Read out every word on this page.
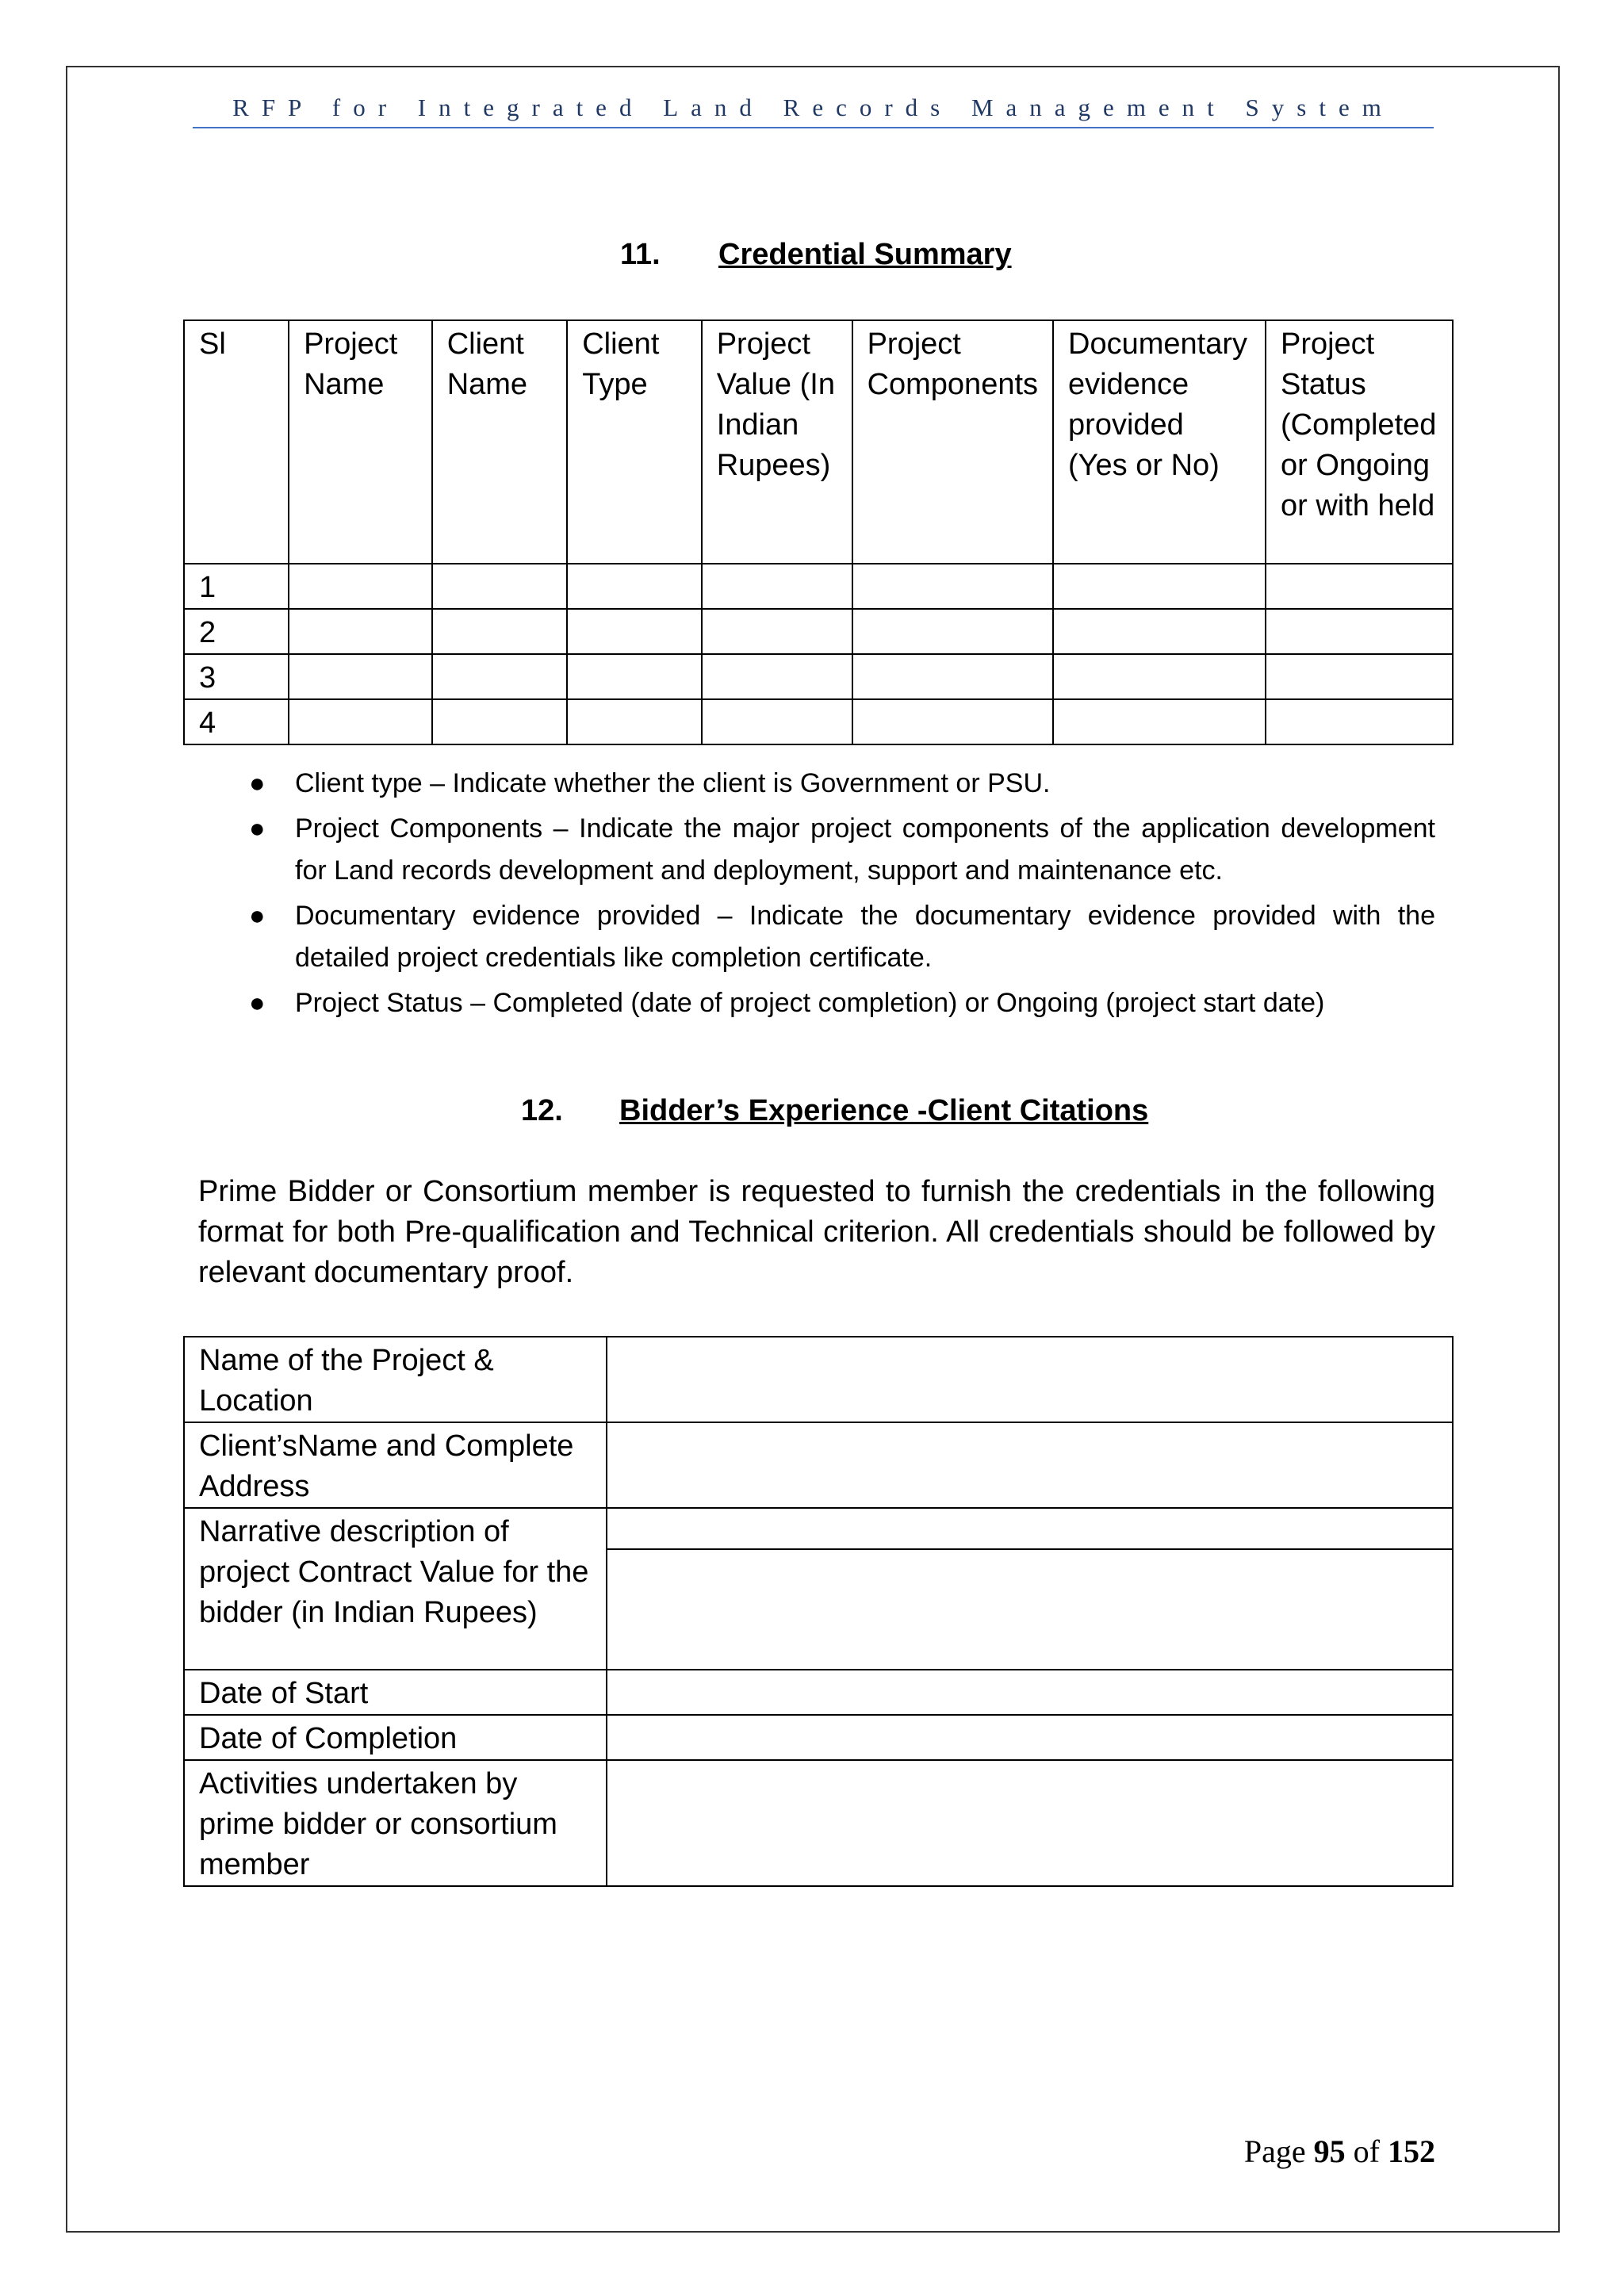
RFP for Integrated Land Records Management System
11. Credential Summary
Sl	Project Name	Client Name	Client Type	Project Value (In Indian Rupees)	Project Components	Documentary evidence provided (Yes or No)	Project Status (Completed or Ongoing or with held
1							
2							
3							
4							
● Client type – Indicate whether the client is Government or PSU.
● Project Components – Indicate the major project components of the application development for Land records development and deployment, support and maintenance etc.
● Documentary evidence provided – Indicate the documentary evidence provided with the detailed project credentials like completion certificate.
● Project Status – Completed (date of project completion) or Ongoing (project start date)
12. Bidder’s Experience -Client Citations

Prime Bidder or Consortium member is requested to furnish the credentials in the following format for both Pre-qualification and Technical criterion. All credentials should be followed by relevant documentary proof.

Name of the Project & Location	
Client’sName and Complete Address	
Narrative description of project Contract Value for the bidder (in Indian Rupees)	

Date of Start	
Date of Completion	
Activities undertaken by prime bidder or consortium member	
Page 95 of 152
